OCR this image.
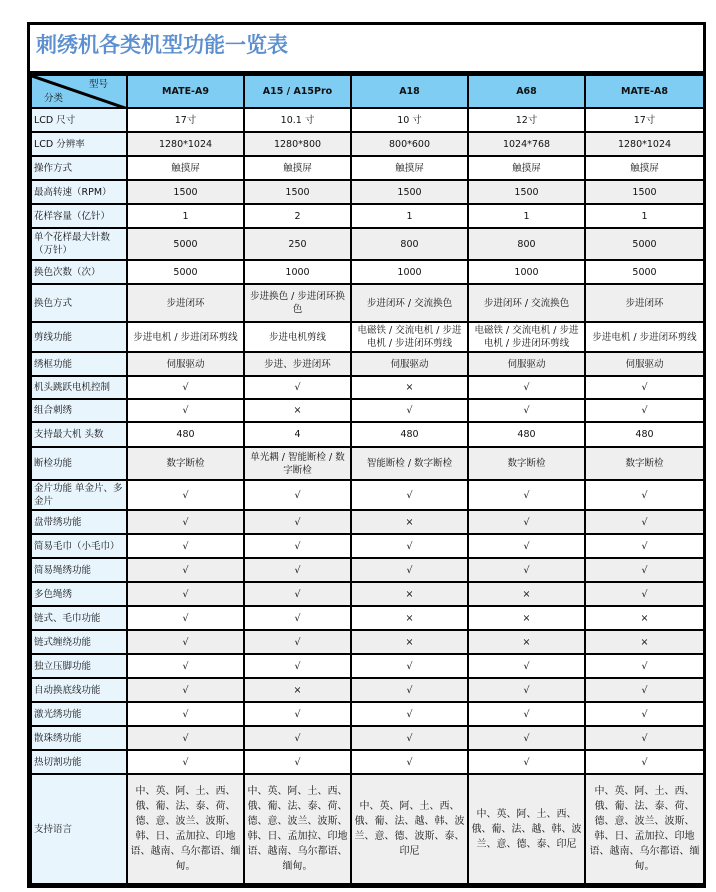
刺绣机各类机型功能一览表
型号
分类	MATE-A9	A15 / A15Pro	A18	A68	MATE-A8
LCD 尺寸	17寸	10.1 寸	10 寸	12寸	17寸
LCD 分辨率	1280*1024	1280*800	800*600	1024*768	1280*1024
操作方式	触摸屏	触摸屏	触摸屏	触摸屏	触摸屏
最高转速（RPM）	1500	1500	1500	1500	1500
花样容量（亿针）	1	2	1	1	1
单个花样最大针数（万针）	5000	250	800	800	5000
换色次数（次）	5000	1000	1000	1000	5000
换色方式	步进闭环	步进换色 / 步进闭环换色	步进闭环 / 交流换色	步进闭环 / 交流换色	步进闭环
剪线功能	步进电机 / 步进闭环剪线	步进电机剪线	电磁铁 / 交流电机 / 步进电机 / 步进闭环剪线	电磁铁 / 交流电机 / 步进电机 / 步进闭环剪线	步进电机 / 步进闭环剪线
绣框功能	伺服驱动	步进、步进闭环	伺服驱动	伺服驱动	伺服驱动
机头跳跃电机控制	√	√	×	√	√
组合刺绣	√	×	√	√	√
支持最大机 头数	480	4	480	480	480
断检功能	数字断检	单光耦 / 智能断检 / 数字断检	智能断检 / 数字断检	数字断检	数字断检
金片功能 单金片、多金片	√	√	√	√	√
盘带绣功能	√	√	×	√	√
简易毛巾（小毛巾）	√	√	√	√	√
简易绳绣功能	√	√	√	√	√
多色绳绣	√	√	×	×	√
链式、毛巾功能	√	√	×	×	×
链式缠绕功能	√	√	×	×	×
独立压脚功能	√	√	√	√	√
自动换底线功能	√	×	√	√	√
激光绣功能	√	√	√	√	√
散珠绣功能	√	√	√	√	√
热切割功能	√	√	√	√	√
支持语言	中、英、阿、土、西、俄、葡、法、泰、荷、德、意、波兰、波斯、韩、日、孟加拉、印地语、越南、乌尔都语、缅甸。	中、英、阿、土、西、俄、葡、法、泰、荷、德、意、波兰、波斯、韩、日、孟加拉、印地语、越南、乌尔都语、缅甸。	中、英、阿、土、西、俄、葡、法、越、韩、波兰、意、德、波斯、泰、印尼	中、英、阿、土、西、俄、葡、法、越、韩、波兰、意、德、泰、印尼	中、英、阿、土、西、俄、葡、法、泰、荷、德、意、波兰、波斯、韩、日、孟加拉、印地语、越南、乌尔都语、缅甸。
